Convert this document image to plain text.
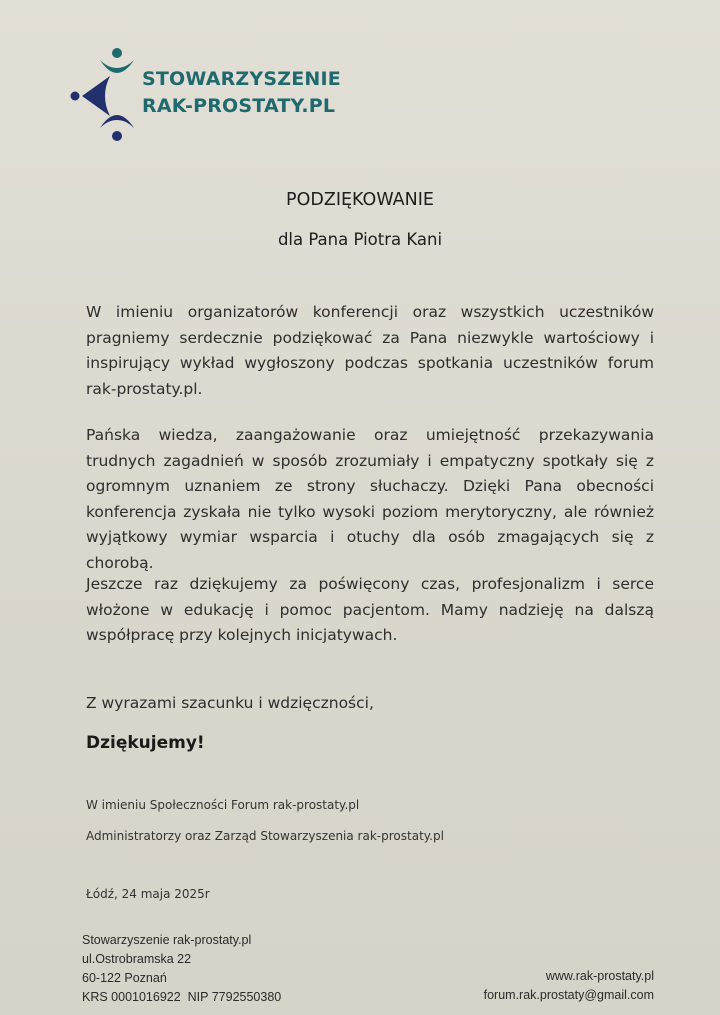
STOWARZYSZENIE
RAK-PROSTATY.PL
PODZIĘKOWANIE
dla Pana Piotra Kani
W imieniu organizatorów konferencji oraz wszystkich uczestników pragniemy serdecznie podziękować za Pana niezwykle wartościowy i inspirujący wykład wygłoszony podczas spotkania uczestników forum rak-prostaty.pl.
Pańska wiedza, zaangażowanie oraz umiejętność przekazywania trudnych zagadnień w sposób zrozumiały i empatyczny spotkały się z ogromnym uznaniem ze strony słuchaczy. Dzięki Pana obecności konferencja zyskała nie tylko wysoki poziom merytoryczny, ale również wyjątkowy wymiar wsparcia i otuchy dla osób zmagających się z chorobą.
Jeszcze raz dziękujemy za poświęcony czas, profesjonalizm i serce włożone w edukację i pomoc pacjentom. Mamy nadzieję na dalszą współpracę przy kolejnych inicjatywach.
Z wyrazami szacunku i wdzięczności,
Dziękujemy!
W imieniu Społeczności Forum rak-prostaty.pl
Administratorzy oraz Zarząd Stowarzyszenia rak-prostaty.pl
Łódź, 24 maja 2025r
Stowarzyszenie rak-prostaty.pl
ul.Ostrobramska 22
60-122 Poznań
KRS 0001016922  NIP 7792550380
www.rak-prostaty.pl
forum.rak.prostaty@gmail.com
